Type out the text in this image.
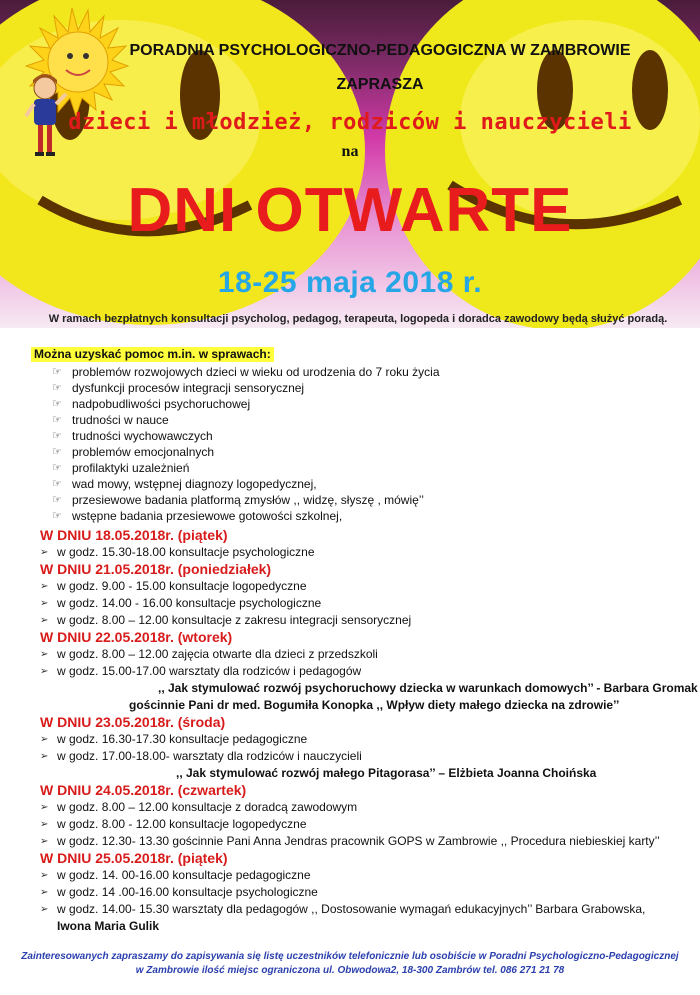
PORADNIA PSYCHOLOGICZNO-PEDAGOGICZNA W ZAMBROWIE
ZAPRASZA
dzieci i młodzież, rodziców i nauczycieli
na
DNI OTWARTE
18-25 maja 2018 r.
W ramach bezpłatnych konsultacji psycholog, pedagog, terapeuta, logopeda i doradca zawodowy będą służyć poradą.
Można uzyskać pomoc m.in. w sprawach:
☞ problemów rozwojowych dzieci w wieku od urodzenia do 7 roku życia
☞ dysfunkcji procesów integracji sensorycznej
☞ nadpobudliwości psychoruchowej
☞ trudności w nauce
☞ trudności wychowawczych
☞ problemów emocjonalnych
☞ profilaktyki uzależnień
☞ wad mowy, wstępnej diagnozy logopedycznej,
☞ przesiewowe badania platformą zmysłów ,, widzę, słyszę , mówię’’
☞ wstępne badania przesiewowe gotowości szkolnej,
W DNIU 18.05.2018r. (piątek)
➢ w godz. 15.30-18.00 konsultacje psychologiczne
W DNIU 21.05.2018r. (poniedziałek)
➢ w godz. 9.00 - 15.00 konsultacje logopedyczne
➢ w godz. 14.00 - 16.00 konsultacje psychologiczne
➢ w godz. 8.00 – 12.00 konsultacje z zakresu integracji sensorycznej
W DNIU 22.05.2018r. (wtorek)
➢ w godz. 8.00 – 12.00 zajęcia otwarte dla dzieci z przedszkoli
➢ w godz. 15.00-17.00 warsztaty dla rodziców i pedagogów
,, Jak stymulować rozwój psychoruchowy dziecka w warunkach domowych’’ - Barbara Gromak
gościnnie Pani dr med. Bogumiła Konopka ,, Wpływ diety małego dziecka na zdrowie’’
W DNIU 23.05.2018r. (środa)
➢ w godz. 16.30-17.30 konsultacje pedagogiczne
➢ w godz. 17.00-18.00- warsztaty dla rodziców i nauczycieli
,, Jak stymulować rozwój małego Pitagorasa’’ – Elżbieta Joanna Choińska
W DNIU 24.05.2018r. (czwartek)
➢ w godz. 8.00 – 12.00 konsultacje z doradcą zawodowym
➢ w godz. 8.00 - 12.00 konsultacje logopedyczne
➢ w godz. 12.30- 13.30 gościnnie Pani Anna Jendras pracownik GOPS w Zambrowie ,, Procedura niebieskiej karty’’
W DNIU 25.05.2018r. (piątek)
➢ w godz. 14. 00-16.00 konsultacje pedagogiczne
➢ w godz. 14 .00-16.00 konsultacje psychologiczne
➢ w godz. 14.00- 15.30 warsztaty dla pedagogów ,, Dostosowanie wymagań edukacyjnych’’ Barbara Grabowska,
Iwona Maria Gulik
Zainteresowanych zapraszamy do zapisywania się listę uczestników telefonicznie lub osobiście w Poradni Psychologiczno-Pedagogicznej
w Zambrowie ilość miejsc ograniczona ul. Obwodowa2, 18-300 Zambrów tel. 086 271 21 78
